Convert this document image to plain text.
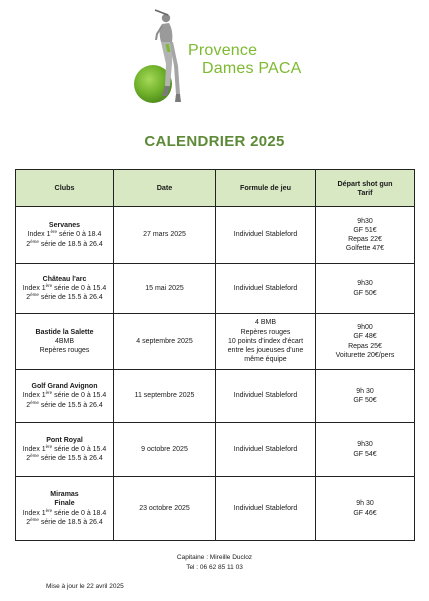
Provence
Dames PACA
CALENDRIER 2025
Clubs	Date	Formule de jeu	Départ shot gun
Tarif

Servanes
Index 1ère série 0 à 18.4
2ème série de 18.5 à 26.4	27 mars 2025	Individuel Stableford	9h30
GF 51€
Repas 22€
Golfette 47€

Château l'arc
Index 1ère série de 0 à 15.4
2ème série de 15.5 à 26.4	15 mai 2025	Individuel Stableford	9h30
GF 50€

Bastide la Salette
4BMB
Repères rouges	4 septembre 2025	4 BMB
Repères rouges
10 points d'index d'écart
entre les joueuses d'une
même équipe	9h00
GF 48€
Repas 25€
Voiturette 20€/pers

Golf Grand Avignon
Index 1ère série de 0 à 15.4
2ème série de 15.5 à 26.4	11 septembre 2025	Individuel Stableford	9h 30
GF 50€

Pont Royal
Index 1ère série de 0 à 15.4
2ème série de 15.5 à 26.4	9 octobre 2025	Individuel Stableford	9h30
GF 54€

Miramas
Finale
Index 1ère série de 0 à 18.4
2ème série de 18.5 à 26.4	23 octobre 2025	Individuel Stableford	9h 30
GF 46€
Capitaine : Mireille Ducloz
Tel : 06 62 85 11 03
Mise à jour le 22 avril 2025
